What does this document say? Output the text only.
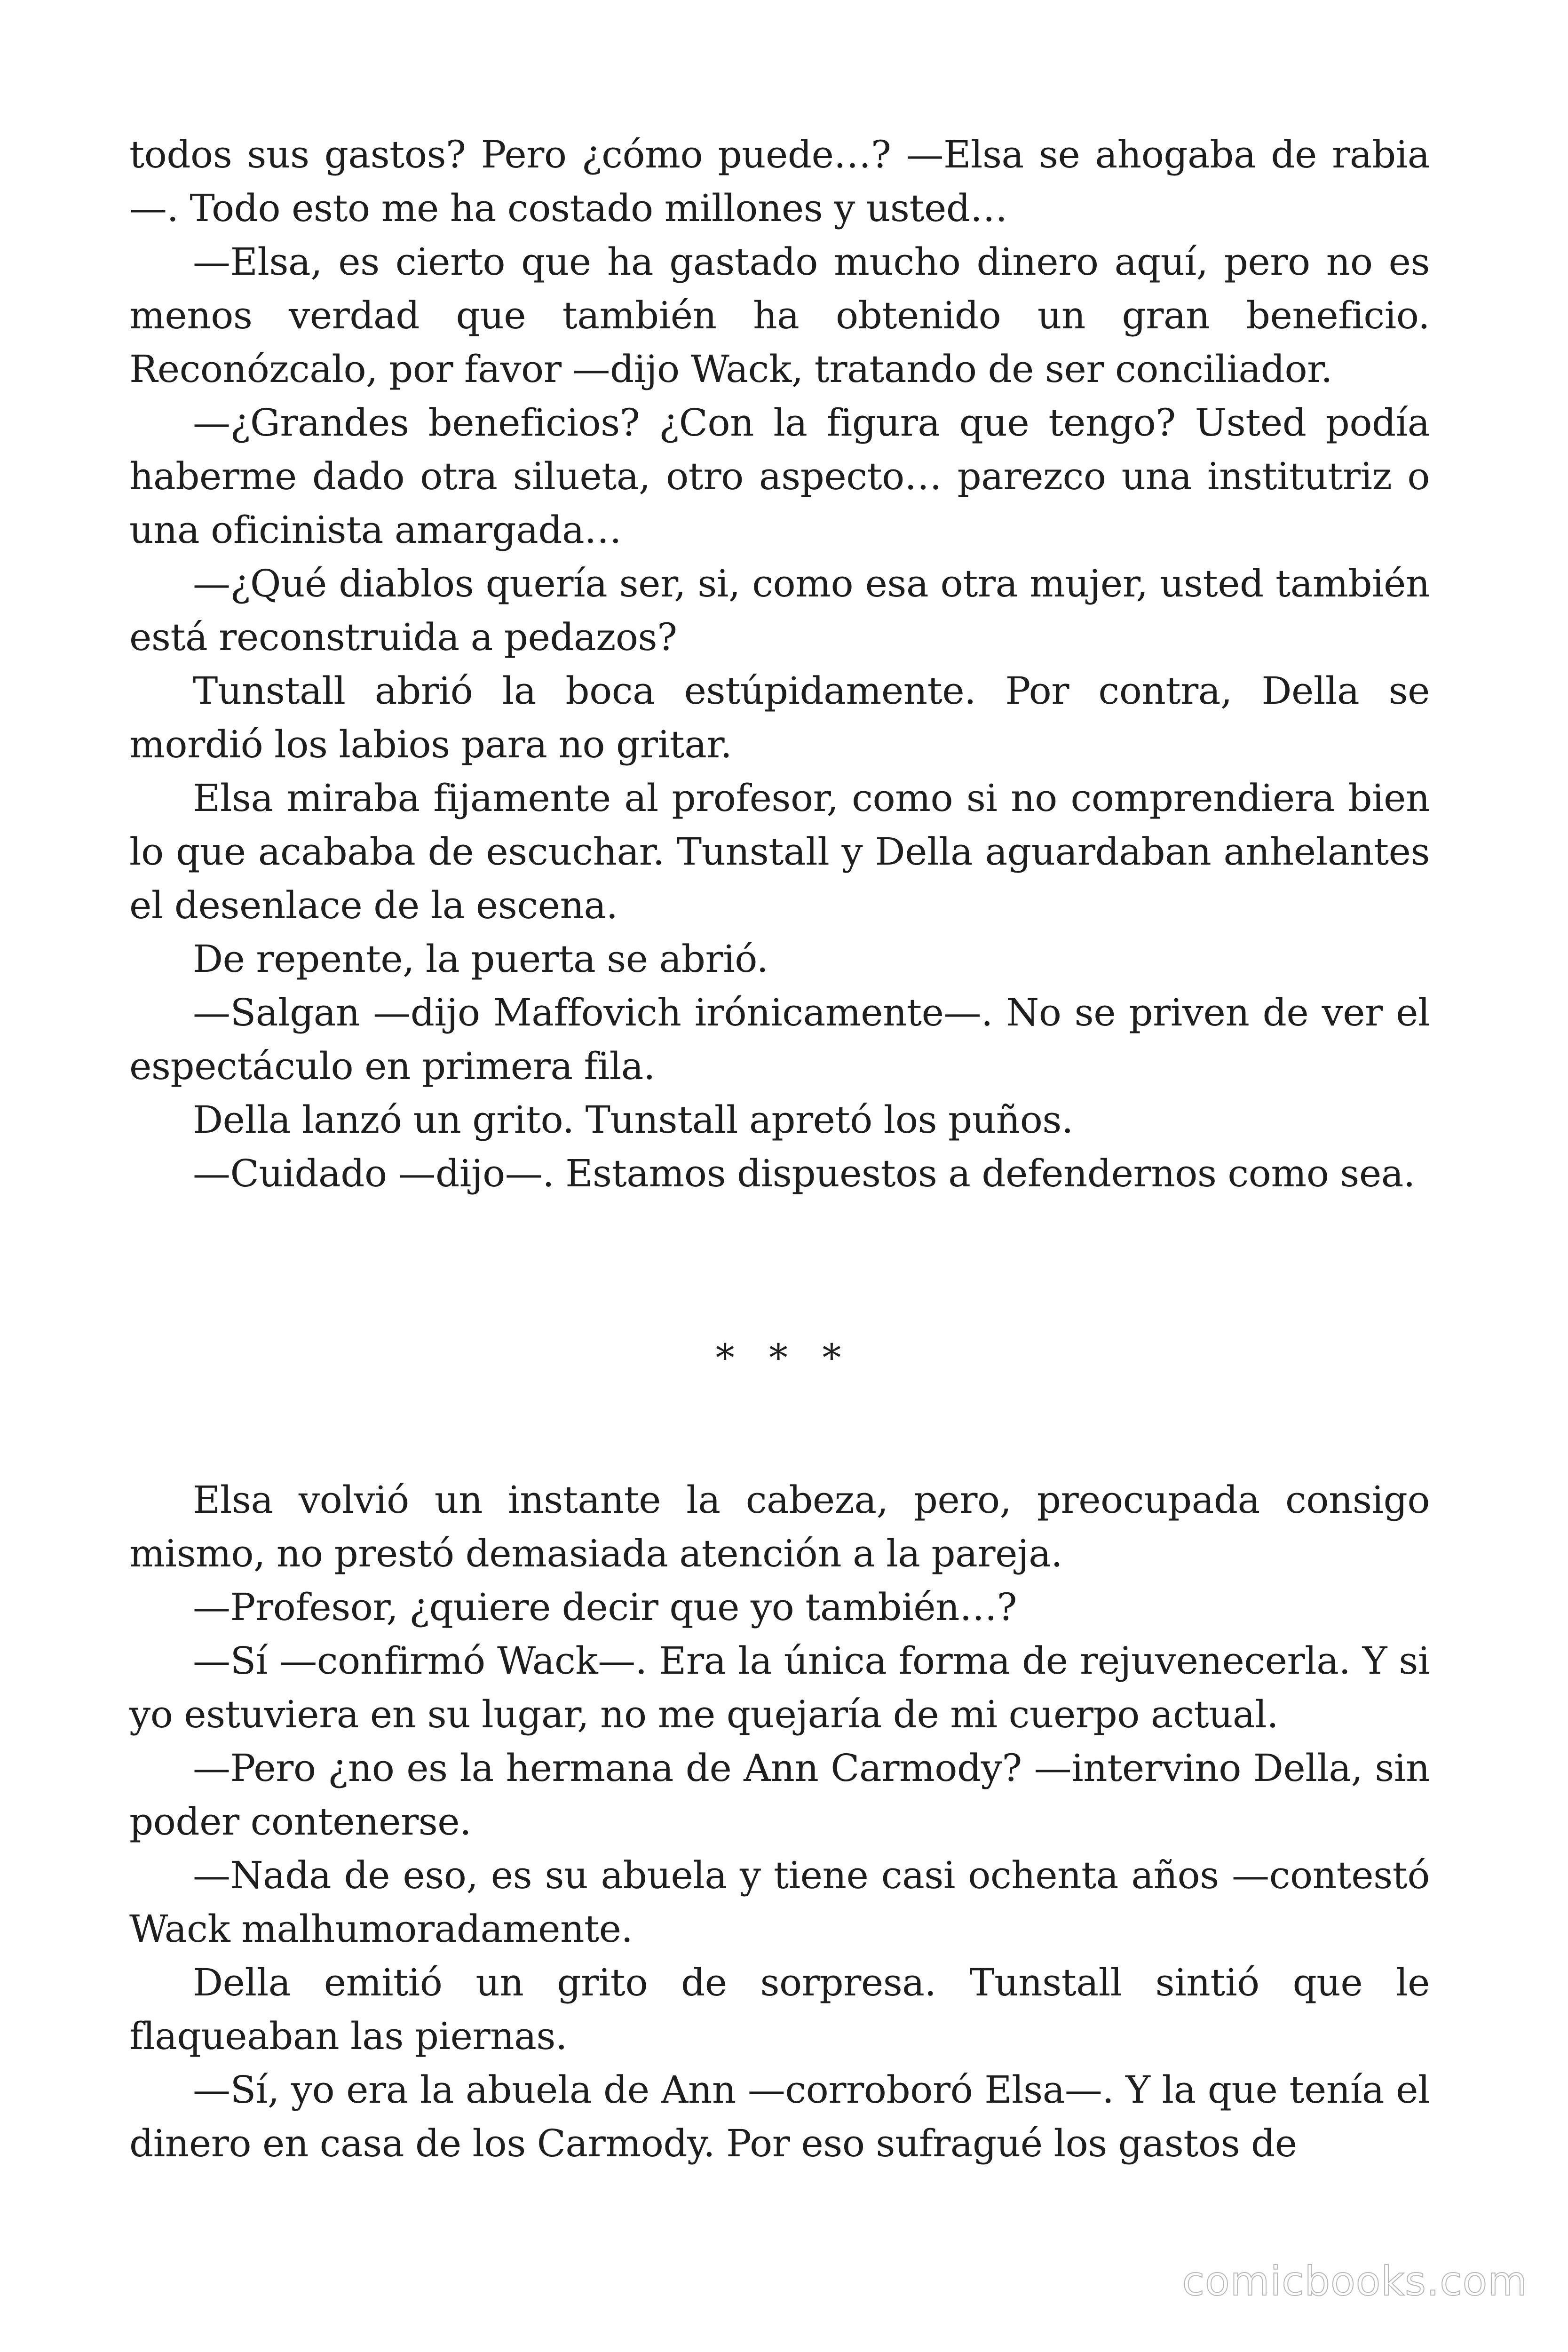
todos sus gastos? Pero ¿cómo puede…? —Elsa se ahogaba de rabia —. Todo esto me ha costado millones y usted…

—Elsa, es cierto que ha gastado mucho dinero aquí, pero no es menos verdad que también ha obtenido un gran beneficio. Reconózcalo, por favor —dijo Wack, tratando de ser conciliador.

—¿Grandes beneficios? ¿Con la figura que tengo? Usted podía haberme dado otra silueta, otro aspecto… parezco una institutriz o una oficinista amargada…

—¿Qué diablos quería ser, si, como esa otra mujer, usted también está reconstruida a pedazos?

Tunstall abrió la boca estúpidamente. Por contra, Della se mordió los labios para no gritar.

Elsa miraba fijamente al profesor, como si no comprendiera bien lo que acababa de escuchar. Tunstall y Della aguardaban anhelantes el desenlace de la escena.

De repente, la puerta se abrió.

—Salgan —dijo Maffovich irónicamente—. No se priven de ver el espectáculo en primera fila.

Della lanzó un grito. Tunstall apretó los puños.

—Cuidado —dijo—. Estamos dispuestos a defendernos como sea.

* * *

Elsa volvió un instante la cabeza, pero, preocupada consigo mismo, no prestó demasiada atención a la pareja.

—Profesor, ¿quiere decir que yo también…?

—Sí —confirmó Wack—. Era la única forma de rejuvenecerla. Y si yo estuviera en su lugar, no me quejaría de mi cuerpo actual.

—Pero ¿no es la hermana de Ann Carmody? —intervino Della, sin poder contenerse.

—Nada de eso, es su abuela y tiene casi ochenta años —contestó Wack malhumoradamente.

Della emitió un grito de sorpresa. Tunstall sintió que le flaqueaban las piernas.

—Sí, yo era la abuela de Ann —corroboró Elsa—. Y la que tenía el dinero en casa de los Carmody. Por eso sufragué los gastos de

comicbooks.com
